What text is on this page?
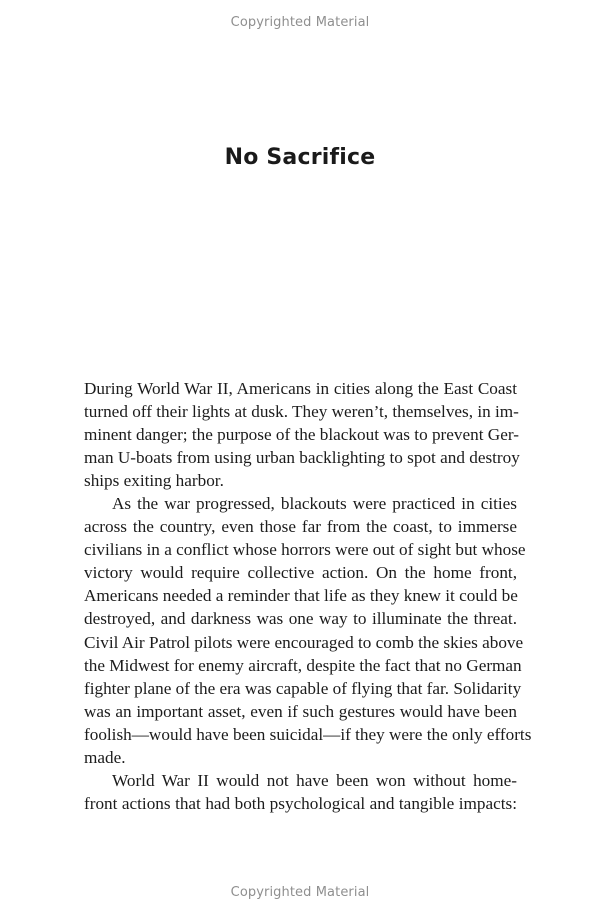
Copyrighted Material
No Sacrifice
During World War II, Americans in cities along the East Coast
turned off their lights at dusk. They weren’t, themselves, in im-
minent danger; the purpose of the blackout was to prevent Ger-
man U-boats from using urban backlighting to spot and destroy
ships exiting harbor.
As the war progressed, blackouts were practiced in cities
across the country, even those far from the coast, to immerse
civilians in a conflict whose horrors were out of sight but whose
victory would require collective action. On the home front,
Americans needed a reminder that life as they knew it could be
destroyed, and darkness was one way to illuminate the threat.
Civil Air Patrol pilots were encouraged to comb the skies above
the Midwest for enemy aircraft, despite the fact that no German
fighter plane of the era was capable of flying that far. Solidarity
was an important asset, even if such gestures would have been
foolish—would have been suicidal—if they were the only efforts
made.
World War II would not have been won without home-
front actions that had both psychological and tangible impacts:
Copyrighted Material
